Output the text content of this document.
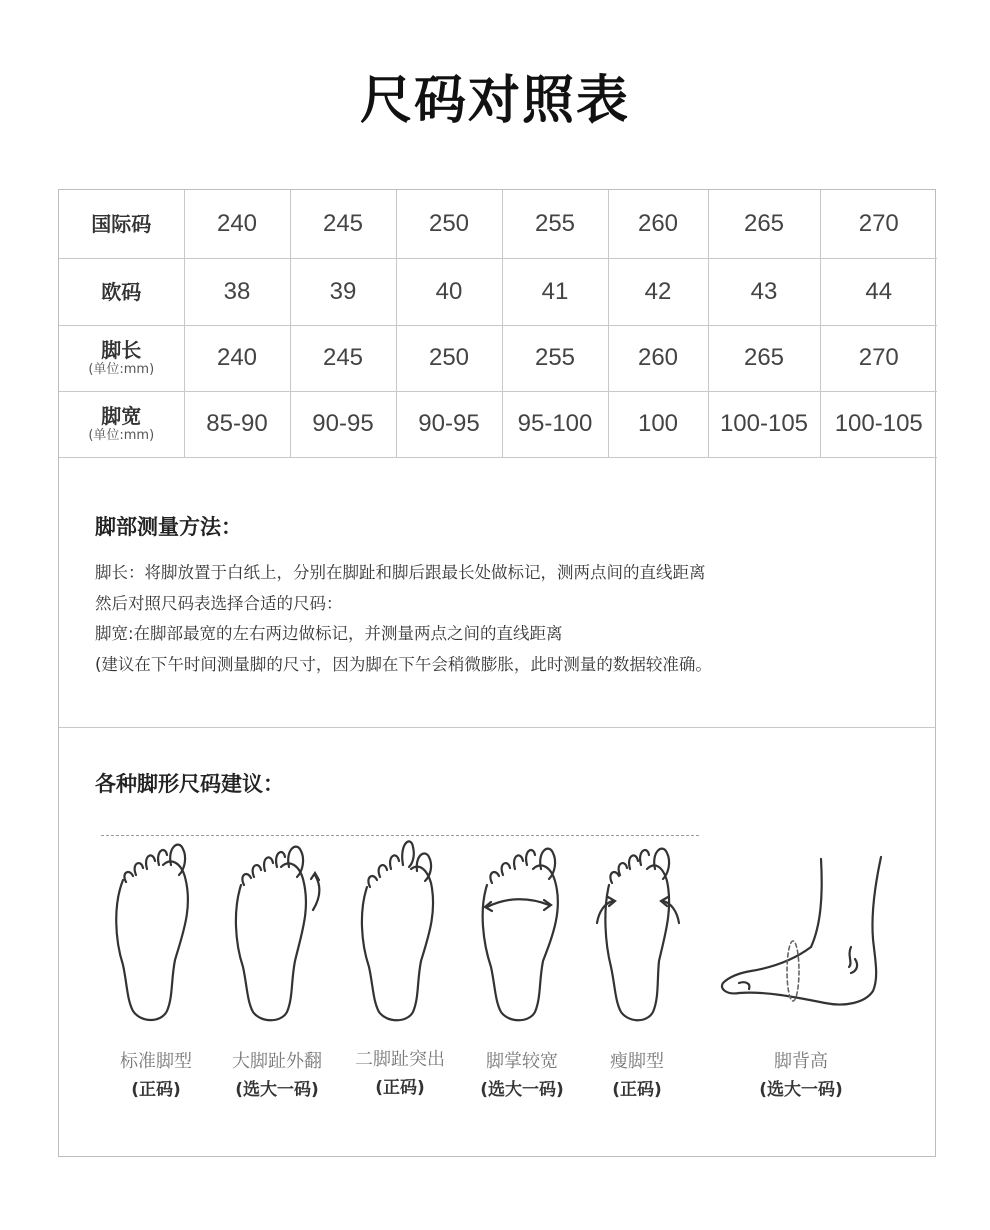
尺码对照表
国际码	240	245	250	255	260	265	270
欧码	38	39	40	41	42	43	44
脚长
(单位:mm)	240	245	250	255	260	265	270
脚宽
(单位:mm)	85-90	90-95	90-95	95-100	100	100-105	100-105
脚部测量方法：
脚长：将脚放置于白纸上，分别在脚趾和脚后跟最长处做标记，测两点间的直线距离
然后对照尺码表选择合适的尺码：
脚宽:在脚部最宽的左右两边做标记，并测量两点之间的直线距离
(建议在下午时间测量脚的尺寸，因为脚在下午会稍微膨胀，此时测量的数据较准确。
各种脚形尺码建议：
标准脚型
(正码)
大脚趾外翻
(选大一码)
二脚趾突出
(正码)
脚掌较宽
(选大一码)
瘦脚型
(正码)
脚背高
(选大一码)
